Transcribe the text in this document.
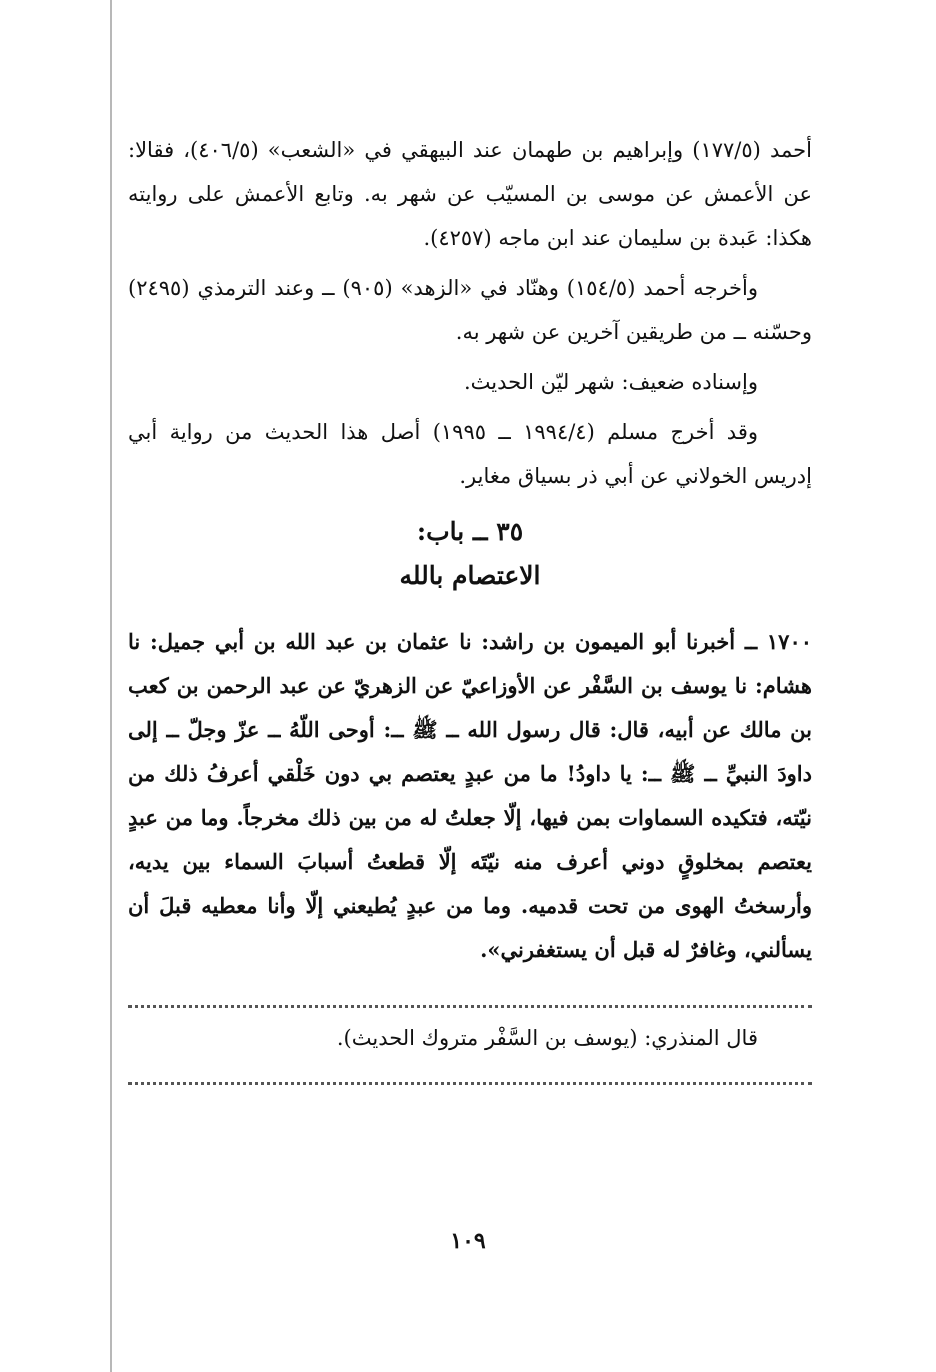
أحمد (١٧٧/٥) وإبراهيم بن طهمان عند البيهقي في «الشعب» (٤٠٦/٥)، فقالا: عن الأعمش عن موسى بن المسيّب عن شهر به. وتابع الأعمش على روايته هكذا: عَبدة بن سليمان عند ابن ماجه (٤٢٥٧).

وأخرجه أحمد (١٥٤/٥) وهنّاد في «الزهد» (٩٠٥) ــ وعند الترمذي (٢٤٩٥) وحسّنه ــ من طريقين آخرين عن شهر به.

وإسناده ضعيف: شهر ليّن الحديث.

وقد أخرج مسلم (١٩٩٤/٤ ــ ١٩٩٥) أصل هذا الحديث من رواية أبي إدريس الخولاني عن أبي ذر بسياق مغاير.

٣٥ ــ باب:
الاعتصام بالله

١٧٠٠ ــ أخبرنا أبو الميمون بن راشد: نا عثمان بن عبد الله بن أبي جميل: نا هشام: نا يوسف بن السَّفْر عن الأوزاعيّ عن الزهريّ عن عبد الرحمن بن كعب بن مالك عن أبيه، قال: قال رسول الله ــ ﷺ ــ: أوحى اللّهُ ــ عزّ وجلّ ــ إلى داودَ النبيِّ ــ ﷺ ــ: يا داودُ! ما من عبدٍ يعتصم بي دون خَلْقي أعرفُ ذلك من نيّته، فتكيده السماوات بمن فيها، إلّا جعلتُ له من بين ذلك مخرجاً. وما من عبدٍ يعتصم بمخلوقٍ دوني أعرف منه نيّتَه إلّا قطعتُ أسبابَ السماء بين يديه، وأرسختُ الهوى من تحت قدميه. وما من عبدٍ يُطيعني إلّا وأنا معطيه قبلَ أن يسألني، وغافرٌ له قبل أن يستغفرني».

قال المنذري: (يوسف بن السَّفْر متروك الحديث).
١٠٩
